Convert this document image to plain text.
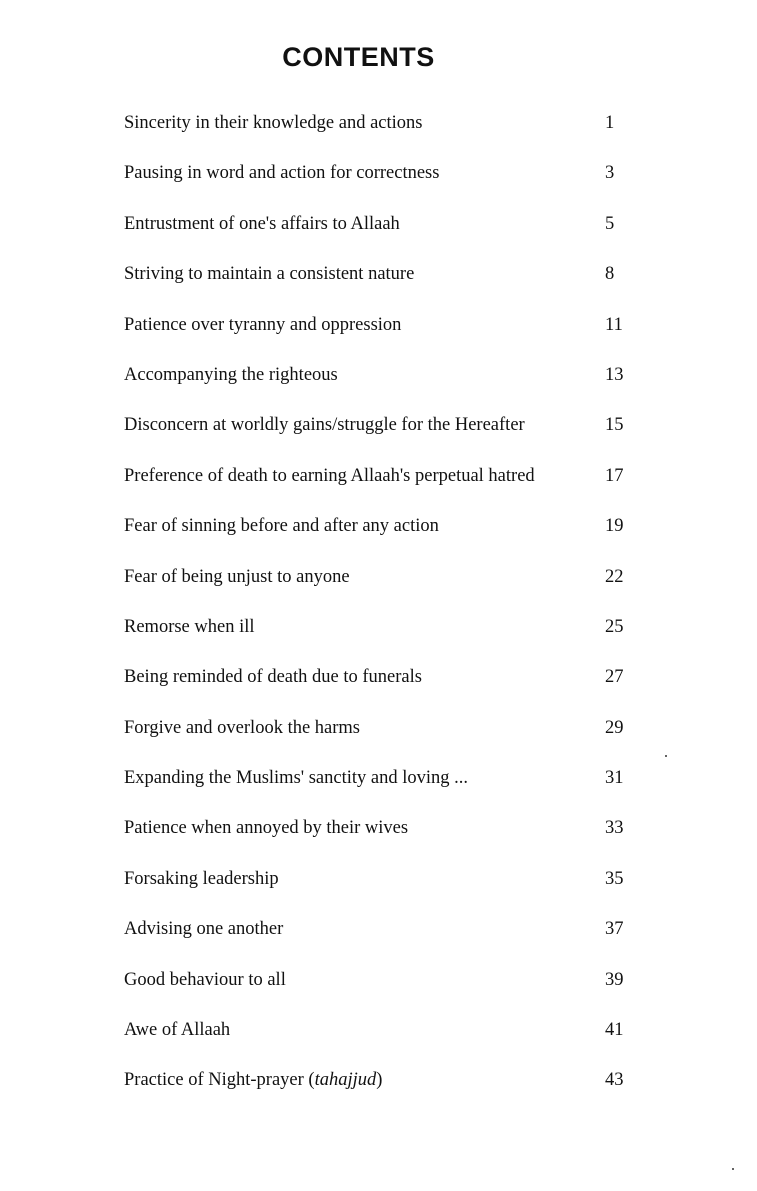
CONTENTS
Sincerity in their knowledge and actions	1
Pausing in word and action for correctness	3
Entrustment of one's affairs to Allaah	5
Striving to maintain a consistent nature	8
Patience over tyranny and oppression	11
Accompanying the righteous	13
Disconcern at worldly gains/struggle for the Hereafter	15
Preference of death to earning Allaah's perpetual hatred	17
Fear of sinning before and after any action	19
Fear of being unjust to anyone	22
Remorse when ill	25
Being reminded of death due to funerals	27
Forgive and overlook the harms	29
Expanding the Muslims' sanctity and loving ...	31
Patience when annoyed by their wives	33
Forsaking leadership	35
Advising one another	37
Good behaviour to all	39
Awe of Allaah	41
Practice of Night-prayer (tahajjud)	43
